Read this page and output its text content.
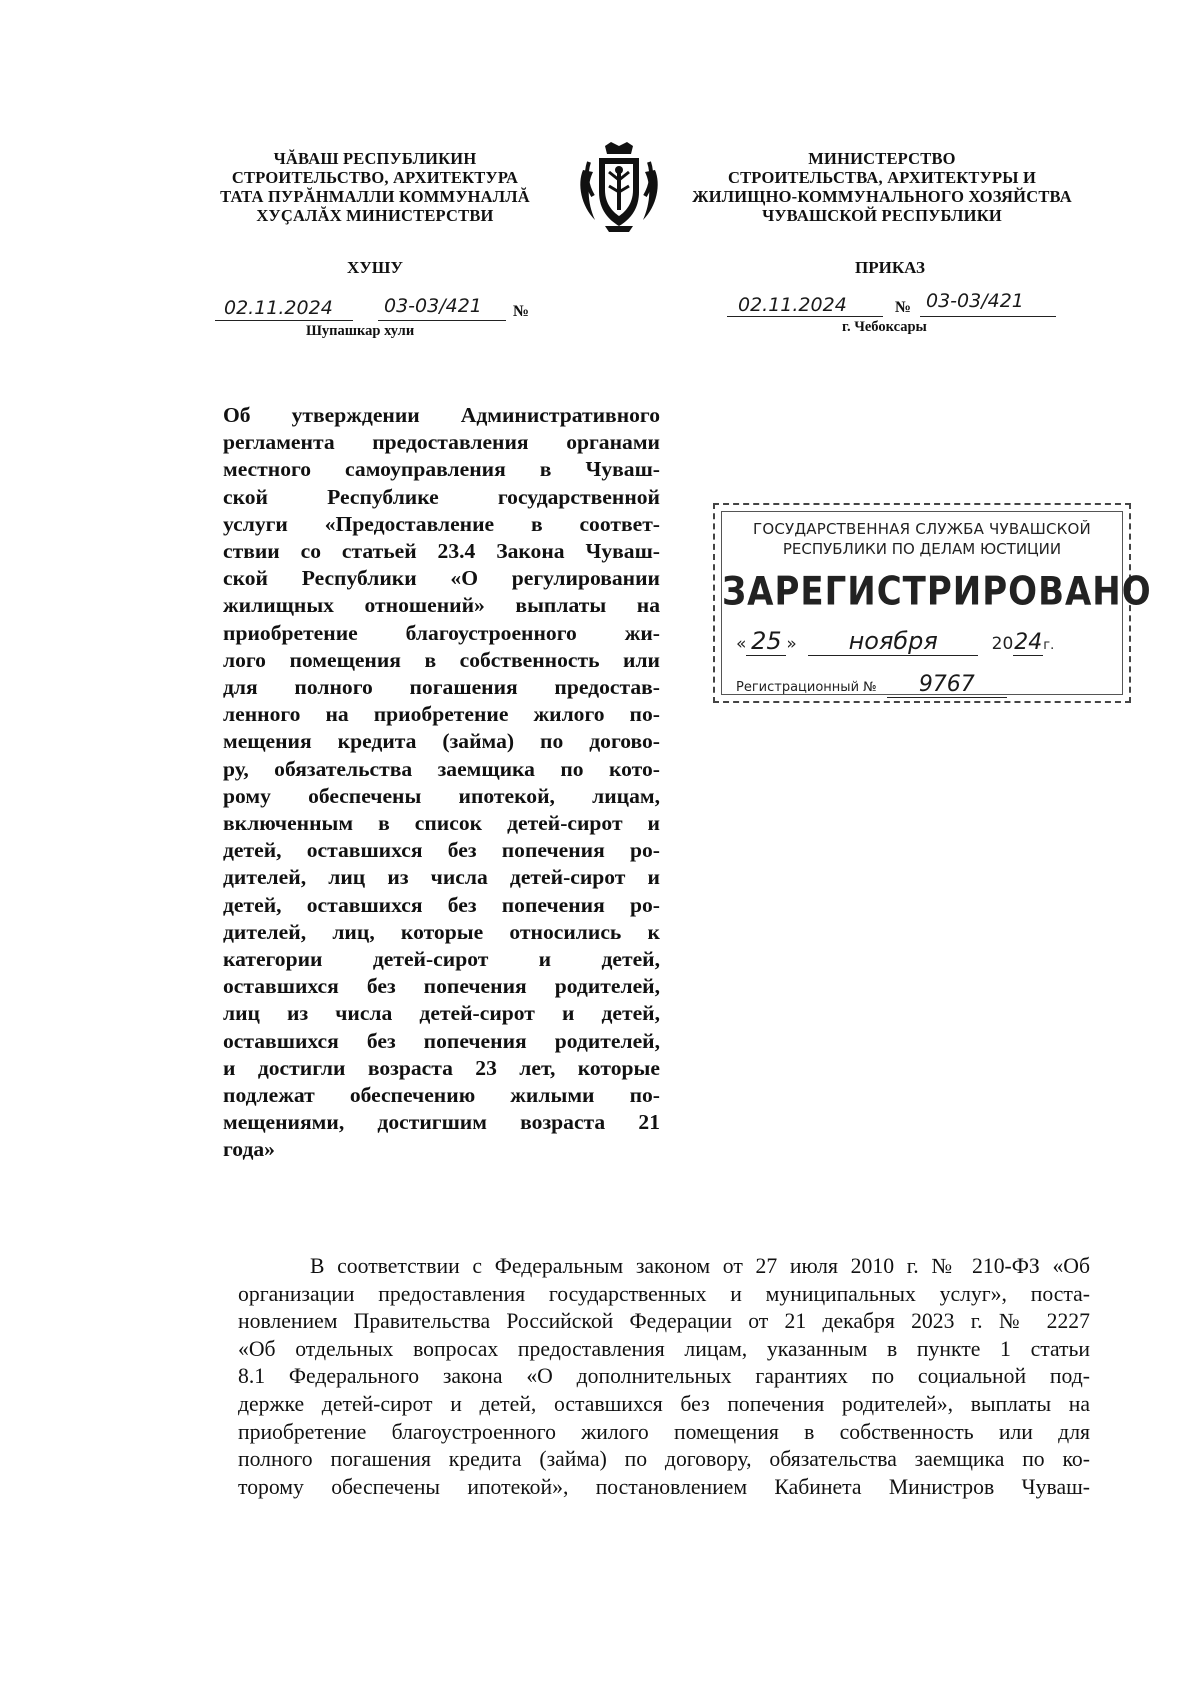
ЧĂВАШ РЕСПУБЛИКИН
СТРОИТЕЛЬСТВО, АРХИТЕКТУРА
ТАТА ПУРĂНМАЛЛИ КОММУНАЛЛĂ
ХУҪАЛĂХ МИНИСТЕРСТВИ
ХУШУ
02.11.2024	03-03/421 №
Шупашкар хули
МИНИСТЕРСТВО
СТРОИТЕЛЬСТВА, АРХИТЕКТУРЫ И
ЖИЛИЩНО-КОММУНАЛЬНОГО ХОЗЯЙСТВА
ЧУВАШСКОЙ РЕСПУБЛИКИ
ПРИКАЗ
02.11.2024	№ 03-03/421
г. Чебоксары
Об утверждении Административного
регламента предоставления органами
местного самоуправления в Чуваш-
ской Республике государственной
услуги «Предоставление в соответ-
ствии со статьей 23.4 Закона Чуваш-
ской Республики «О регулировании
жилищных отношений» выплаты на
приобретение благоустроенного жи-
лого помещения в собственность или
для полного погашения предостав-
ленного на приобретение жилого по-
мещения кредита (займа) по догово-
ру, обязательства заемщика по кото-
рому обеспечены ипотекой, лицам,
включенным в список детей-сирот и
детей, оставшихся без попечения ро-
дителей, лиц из числа детей-сирот и
детей, оставшихся без попечения ро-
дителей, лиц, которые относились к
категории детей-сирот и детей,
оставшихся без попечения родителей,
лиц из числа детей-сирот и детей,
оставшихся без попечения родителей,
и достигли возраста 23 лет, которые
подлежат обеспечению жилыми по-
мещениями, достигшим возраста 21
года»
ГОСУДАРСТВЕННАЯ СЛУЖБА ЧУВАШСКОЙ
РЕСПУБЛИКИ ПО ДЕЛАМ ЮСТИЦИИ
ЗАРЕГИСТРИРОВАНО
« 25 » ноября	2024г.
Регистрационный № 9767
В соответствии с Федеральным законом от 27 июля 2010 г. № 210-ФЗ «Об
организации предоставления государственных и муниципальных услуг», поста-
новлением Правительства Российской Федерации от 21 декабря 2023 г. № 2227
«Об отдельных вопросах предоставления лицам, указанным в пункте 1 статьи
8.1 Федерального закона «О дополнительных гарантиях по социальной под-
держке детей-сирот и детей, оставшихся без попечения родителей», выплаты на
приобретение благоустроенного жилого помещения в собственность или для
полного погашения кредита (займа) по договору, обязательства заемщика по ко-
торому обеспечены ипотекой», постановлением Кабинета Министров Чуваш-
